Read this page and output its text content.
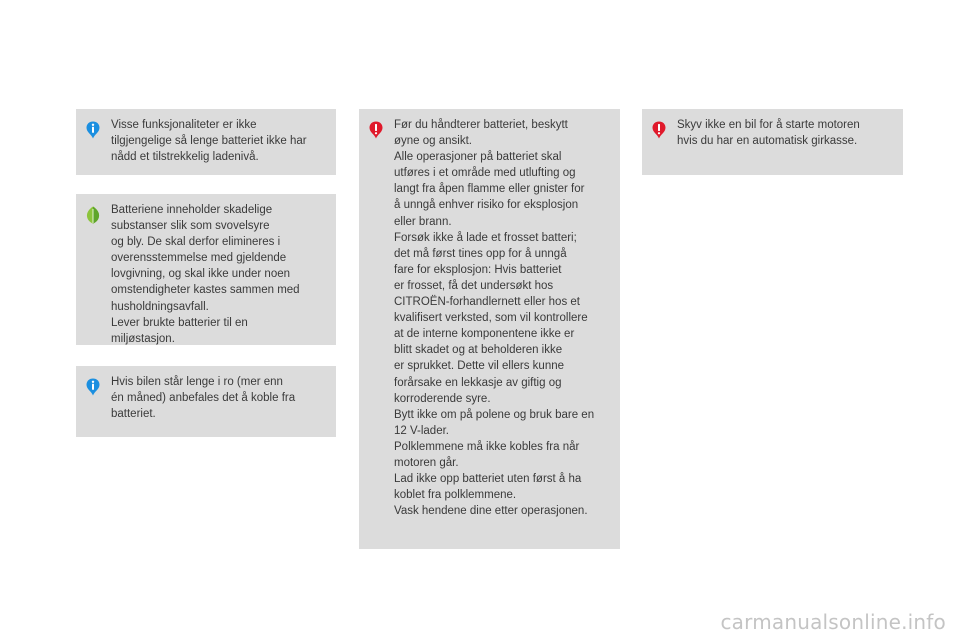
Visse funksjonaliteter er ikke

tilgjengelige så lenge batteriet ikke har

nådd et tilstrekkelig ladenivå.

Batteriene inneholder skadelige

substanser slik som svovelsyre

og bly. De skal derfor elimineres i

overensstemmelse med gjeldende

lovgivning, og skal ikke under noen

omstendigheter kastes sammen med

husholdningsavfall.

Lever brukte batterier til en

miljøstasjon.

Hvis bilen står lenge i ro (mer enn

én måned) anbefales det å koble fra

batteriet.

Før du håndterer batteriet, beskytt

øyne og ansikt.

Alle operasjoner på batteriet skal

utføres i et område med utlufting og

langt fra åpen flamme eller gnister for

å unngå enhver risiko for eksplosjon

eller brann.

Forsøk ikke å lade et frosset batteri;

det må først tines opp for å unngå

fare for eksplosjon: Hvis batteriet

er frosset, få det undersøkt hos

CITROËN-forhandlernett eller hos et

kvalifisert verksted, som vil kontrollere

at de interne komponentene ikke er

blitt skadet og at beholderen ikke

er sprukket. Dette vil ellers kunne

forårsake en lekkasje av giftig og

korroderende syre.

Bytt ikke om på polene og bruk bare en

12 V-lader.

Polklemmene må ikke kobles fra når

motoren går.

Lad ikke opp batteriet uten først å ha

koblet fra polklemmene.

Vask hendene dine etter operasjonen.

Skyv ikke en bil for å starte motoren

hvis du har en automatisk girkasse.

carmanualsonline.info
